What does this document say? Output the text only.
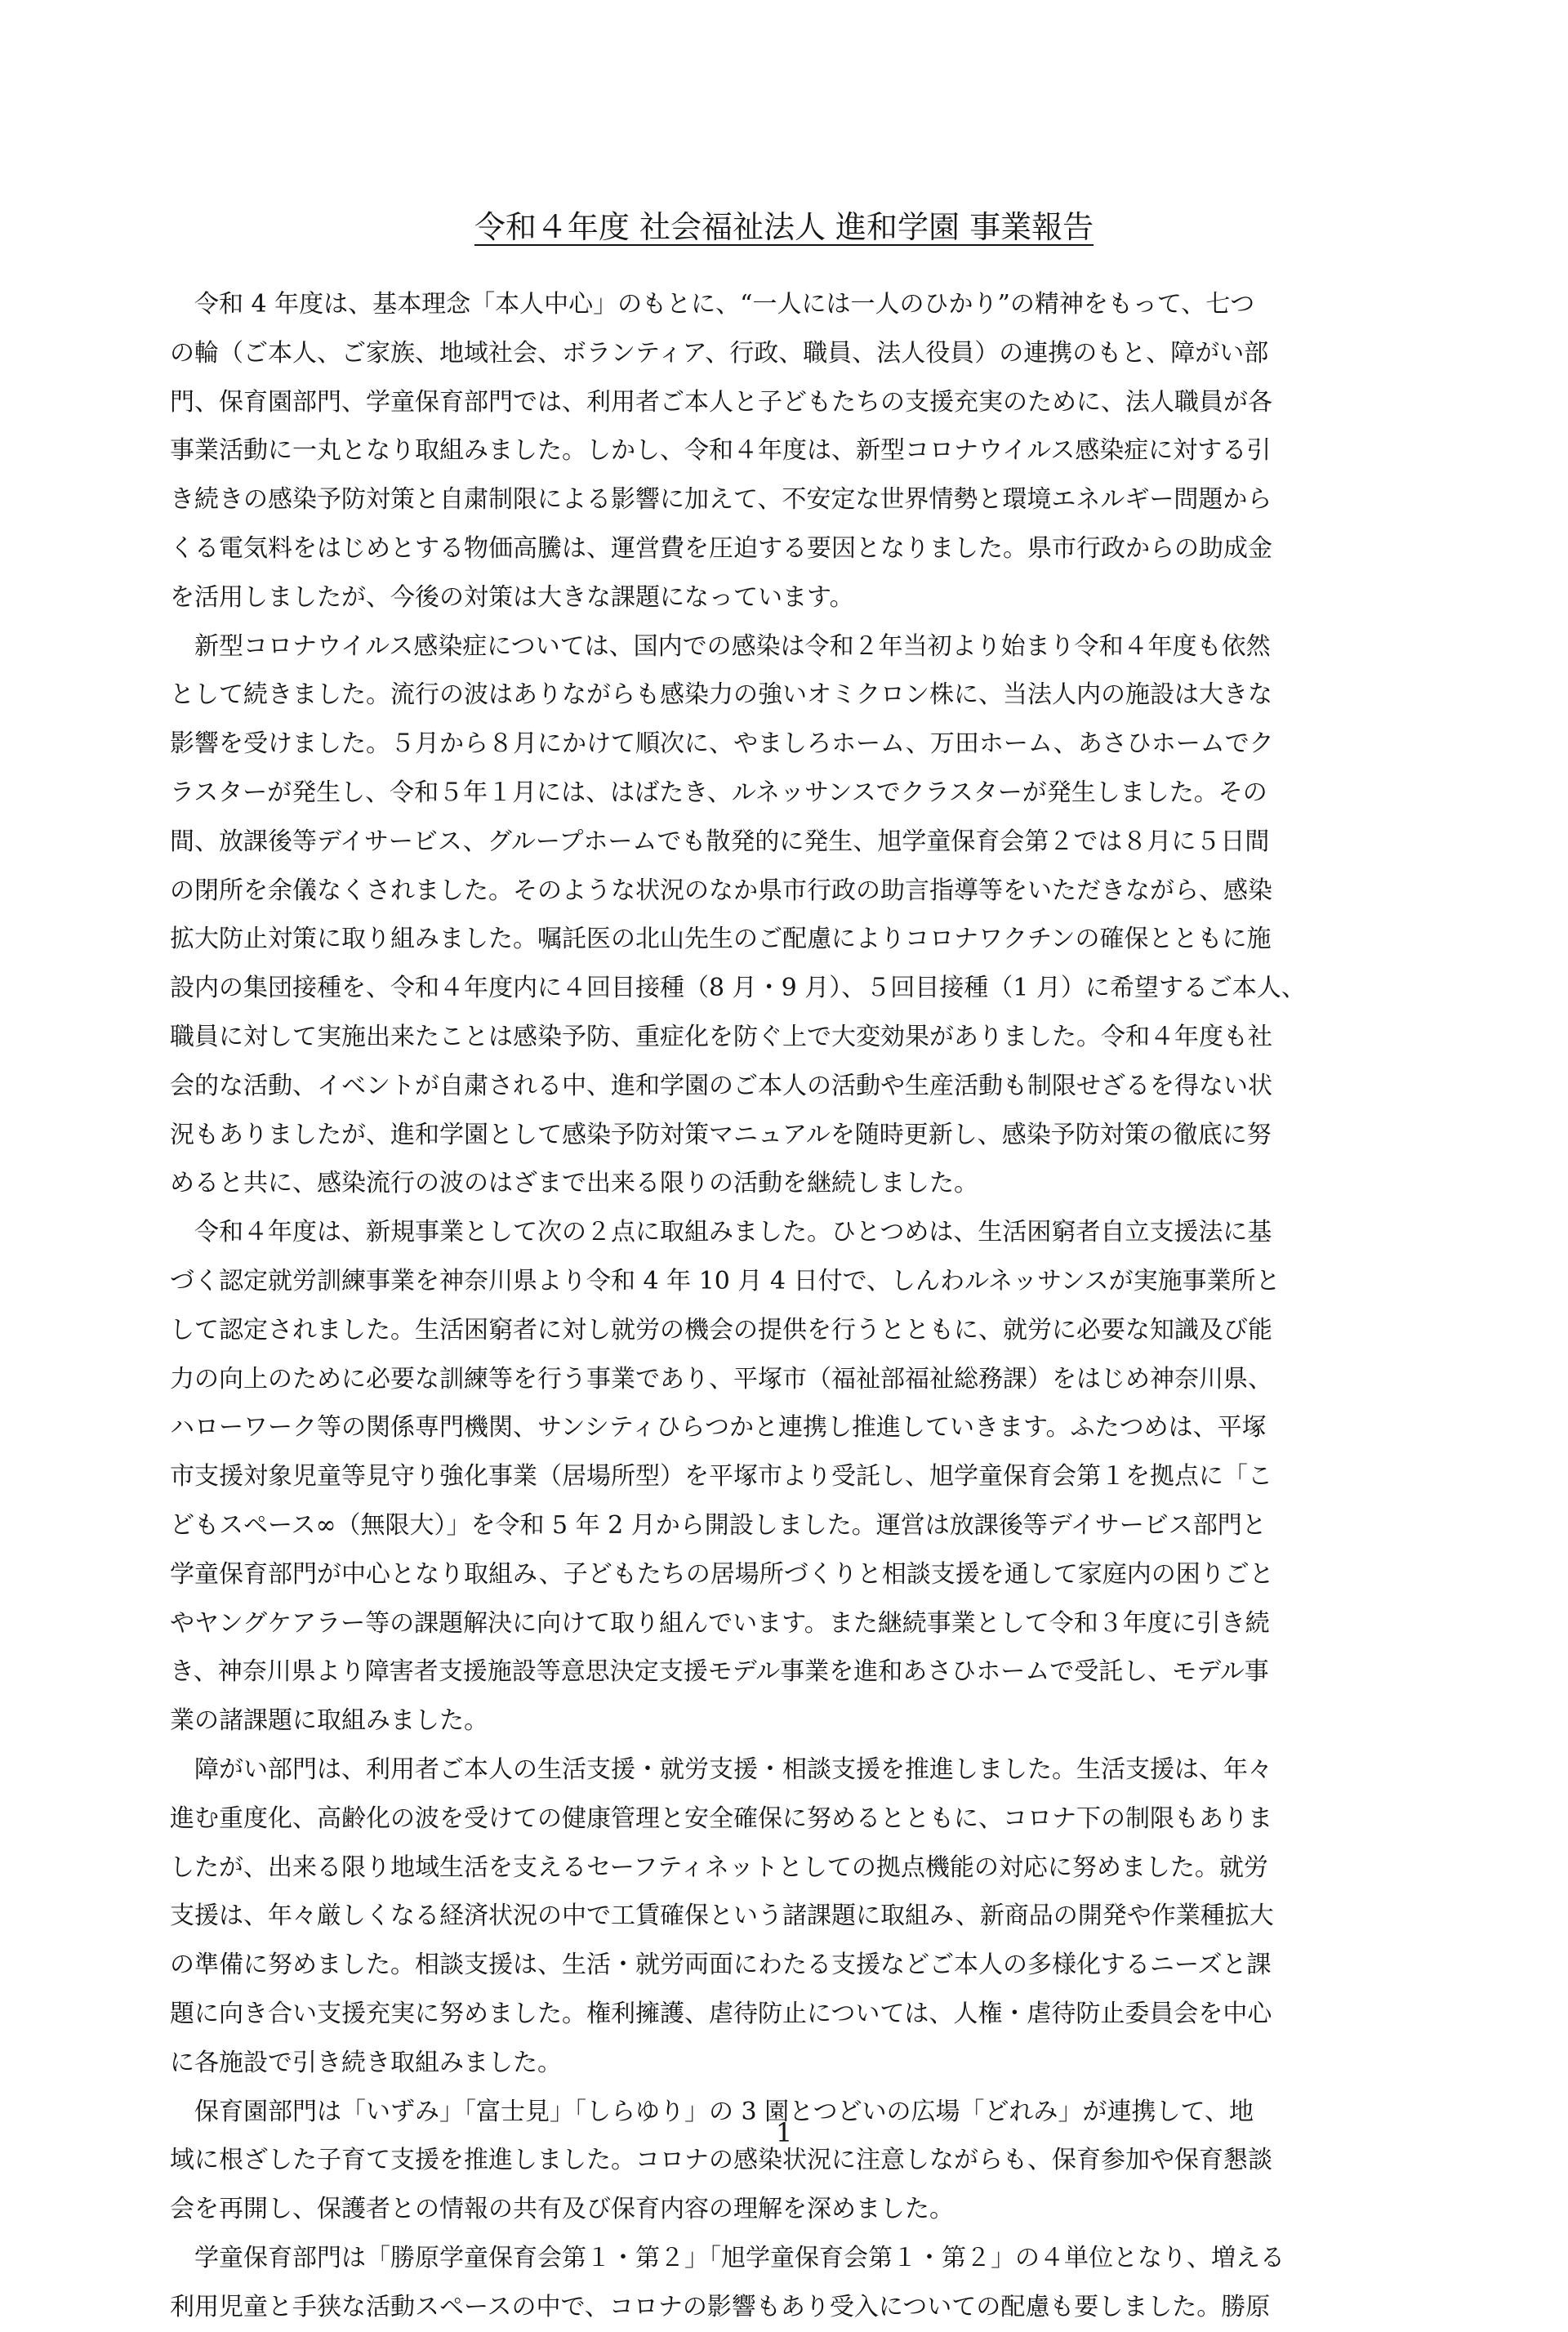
令和４年度 社会福祉法人 進和学園 事業報告
　令和 4 年度は、基本理念「本人中心」のもとに、“一人には一人のひかり”の精神をもって、七つ
の輪（ご本人、ご家族、地域社会、ボランティア、行政、職員、法人役員）の連携のもと、障がい部
門、保育園部門、学童保育部門では、利用者ご本人と子どもたちの支援充実のために、法人職員が各
事業活動に一丸となり取組みました。しかし、令和４年度は、新型コロナウイルス感染症に対する引
き続きの感染予防対策と自粛制限による影響に加えて、不安定な世界情勢と環境エネルギー問題から
くる電気料をはじめとする物価高騰は、運営費を圧迫する要因となりました。県市行政からの助成金
を活用しましたが、今後の対策は大きな課題になっています。
　新型コロナウイルス感染症については、国内での感染は令和２年当初より始まり令和４年度も依然
として続きました。流行の波はありながらも感染力の強いオミクロン株に、当法人内の施設は大きな
影響を受けました。５月から８月にかけて順次に、やましろホーム、万田ホーム、あさひホームでク
ラスターが発生し、令和５年１月には、はばたき、ルネッサンスでクラスターが発生しました。その
間、放課後等デイサービス、グループホームでも散発的に発生、旭学童保育会第２では８月に５日間
の閉所を余儀なくされました。そのような状況のなか県市行政の助言指導等をいただきながら、感染
拡大防止対策に取り組みました。嘱託医の北山先生のご配慮によりコロナワクチンの確保とともに施
設内の集団接種を、令和４年度内に４回目接種（8 月・9 月）、５回目接種（1 月）に希望するご本人、
職員に対して実施出来たことは感染予防、重症化を防ぐ上で大変効果がありました。令和４年度も社
会的な活動、イベントが自粛される中、進和学園のご本人の活動や生産活動も制限せざるを得ない状
況もありましたが、進和学園として感染予防対策マニュアルを随時更新し、感染予防対策の徹底に努
めると共に、感染流行の波のはざまで出来る限りの活動を継続しました。
　令和４年度は、新規事業として次の２点に取組みました。ひとつめは、生活困窮者自立支援法に基
づく認定就労訓練事業を神奈川県より令和 4 年 10 月 4 日付で、しんわルネッサンスが実施事業所と
して認定されました。生活困窮者に対し就労の機会の提供を行うとともに、就労に必要な知識及び能
力の向上のために必要な訓練等を行う事業であり、平塚市（福祉部福祉総務課）をはじめ神奈川県、
ハローワーク等の関係専門機関、サンシティひらつかと連携し推進していきます。ふたつめは、平塚
市支援対象児童等見守り強化事業（居場所型）を平塚市より受託し、旭学童保育会第１を拠点に「こ
どもスペース∞（無限大）」を令和 5 年 2 月から開設しました。運営は放課後等デイサービス部門と
学童保育部門が中心となり取組み、子どもたちの居場所づくりと相談支援を通して家庭内の困りごと
やヤングケアラー等の課題解決に向けて取り組んでいます。また継続事業として令和３年度に引き続
き、神奈川県より障害者支援施設等意思決定支援モデル事業を進和あさひホームで受託し、モデル事
業の諸課題に取組みました。
　障がい部門は、利用者ご本人の生活支援・就労支援・相談支援を推進しました。生活支援は、年々
進む重度化、高齢化の波を受けての健康管理と安全確保に努めるとともに、コロナ下の制限もありま
したが、出来る限り地域生活を支えるセーフティネットとしての拠点機能の対応に努めました。就労
支援は、年々厳しくなる経済状況の中で工賃確保という諸課題に取組み、新商品の開発や作業種拡大
の準備に努めました。相談支援は、生活・就労両面にわたる支援などご本人の多様化するニーズと課
題に向き合い支援充実に努めました。権利擁護、虐待防止については、人権・虐待防止委員会を中心
に各施設で引き続き取組みました。
　保育園部門は「いずみ」「富士見」「しらゆり」の 3 園とつどいの広場「どれみ」が連携して、地
域に根ざした子育て支援を推進しました。コロナの感染状況に注意しながらも、保育参加や保育懇談
会を再開し、保護者との情報の共有及び保育内容の理解を深めました。
　学童保育部門は「勝原学童保育会第１・第２」「旭学童保育会第１・第２」の４単位となり、増える
利用児童と手狭な活動スペースの中で、コロナの影響もあり受入についての配慮も要しました。勝原
1
